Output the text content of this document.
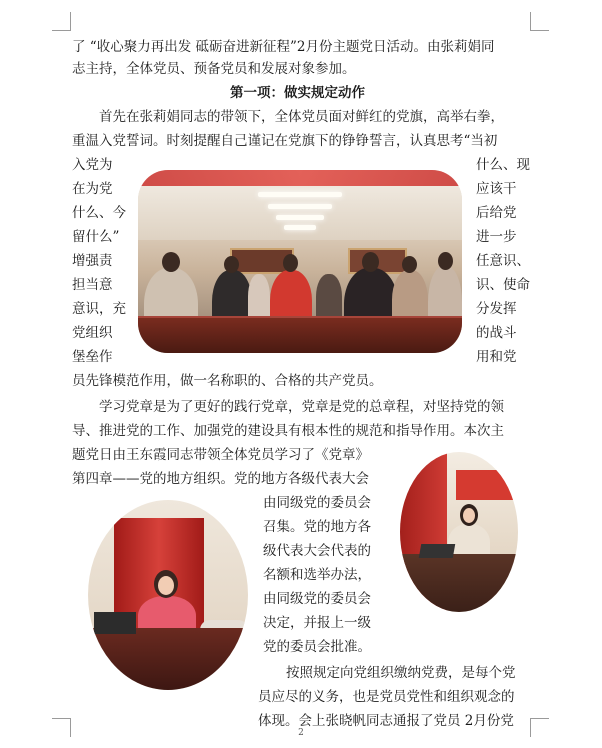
了 “收心聚力再出发 砥砺奋进新征程”2月份主题党日活动。由张莉娟同
志主持，全体党员、预备党员和发展对象参加。
第一项：做实规定动作
首先在张莉娟同志的带领下，全体党员面对鲜红的党旗，高举右拳，
重温入党誓词。时刻提醒自己谨记在党旗下的铮铮誓言，认真思考“当初
入党为
在为党
什么、今
留什么”
增强责
担当意
意识，充
党组织
堡垒作
什么、现
应该干
后给党
进一步
任意识、
识、使命
分发挥
的战斗
用和党
员先锋模范作用，做一名称职的、合格的共产党员。
学习党章是为了更好的践行党章，党章是党的总章程，对坚持党的领
导、推进党的工作、加强党的建设具有根本性的规范和指导作用。本次主
题党日由王东霞同志带领全体党员学习了《党章》
第四章——党的地方组织。党的地方各级代表大会
由同级党的委员会
召集。党的地方各
级代表大会代表的
名额和选举办法，
由同级党的委员会
决定，并报上一级
党的委员会批准。
按照规定向党组织缴纳党费，是每个党
员应尽的义务，也是党员党性和组织观念的
体现。会上张晓帆同志通报了党员 2月份党
2
